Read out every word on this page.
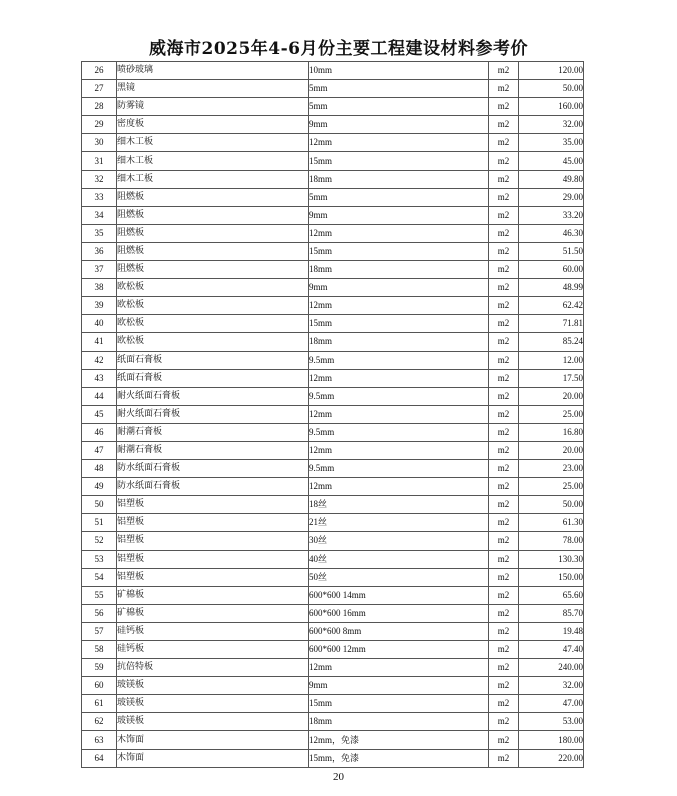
威海市2025年4-6月份主要工程建设材料参考价
26	喷砂玻璃	10mm	m2	120.00
27	黑镜	5mm	m2	50.00
28	防雾镜	5mm	m2	160.00
29	密度板	9mm	m2	32.00
30	细木工板	12mm	m2	35.00
31	细木工板	15mm	m2	45.00
32	细木工板	18mm	m2	49.80
33	阻燃板	5mm	m2	29.00
34	阻燃板	9mm	m2	33.20
35	阻燃板	12mm	m2	46.30
36	阻燃板	15mm	m2	51.50
37	阻燃板	18mm	m2	60.00
38	欧松板	9mm	m2	48.99
39	欧松板	12mm	m2	62.42
40	欧松板	15mm	m2	71.81
41	欧松板	18mm	m2	85.24
42	纸面石膏板	9.5mm	m2	12.00
43	纸面石膏板	12mm	m2	17.50
44	耐火纸面石膏板	9.5mm	m2	20.00
45	耐火纸面石膏板	12mm	m2	25.00
46	耐潮石膏板	9.5mm	m2	16.80
47	耐潮石膏板	12mm	m2	20.00
48	防水纸面石膏板	9.5mm	m2	23.00
49	防水纸面石膏板	12mm	m2	25.00
50	铝塑板	18丝	m2	50.00
51	铝塑板	21丝	m2	61.30
52	铝塑板	30丝	m2	78.00
53	铝塑板	40丝	m2	130.30
54	铝塑板	50丝	m2	150.00
55	矿棉板	600*600 14mm	m2	65.60
56	矿棉板	600*600 16mm	m2	85.70
57	硅钙板	600*600 8mm	m2	19.48
58	硅钙板	600*600 12mm	m2	47.40
59	抗倍特板	12mm	m2	240.00
60	玻镁板	9mm	m2	32.00
61	玻镁板	15mm	m2	47.00
62	玻镁板	18mm	m2	53.00
63	木饰面	12mm，免漆	m2	180.00
64	木饰面	15mm，免漆	m2	220.00
20
